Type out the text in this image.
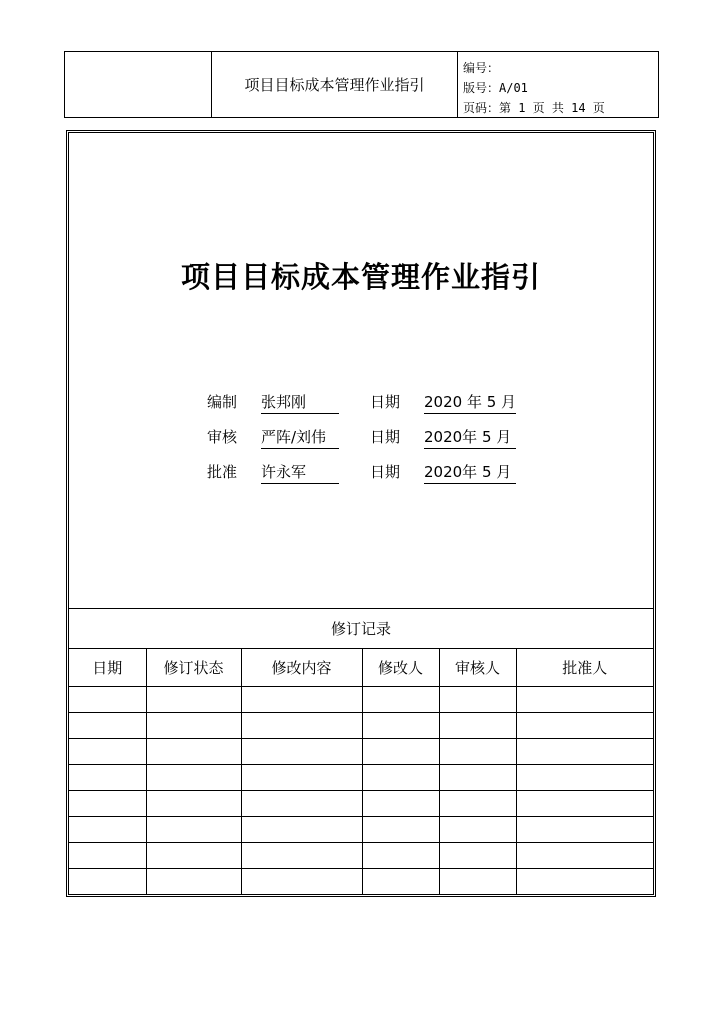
项目目标成本管理作业指引
编号：
版号：A/01
页码：第 1 页 共 14 页
项目目标成本管理作业指引
编制	张邦刚	日期	2020 年 5 月
审核	严阵/刘伟	日期	2020年 5 月
批准	许永军	日期	2020年 5 月
修订记录					
日期	修订状态	修改内容	修改人	审核人	批准人
